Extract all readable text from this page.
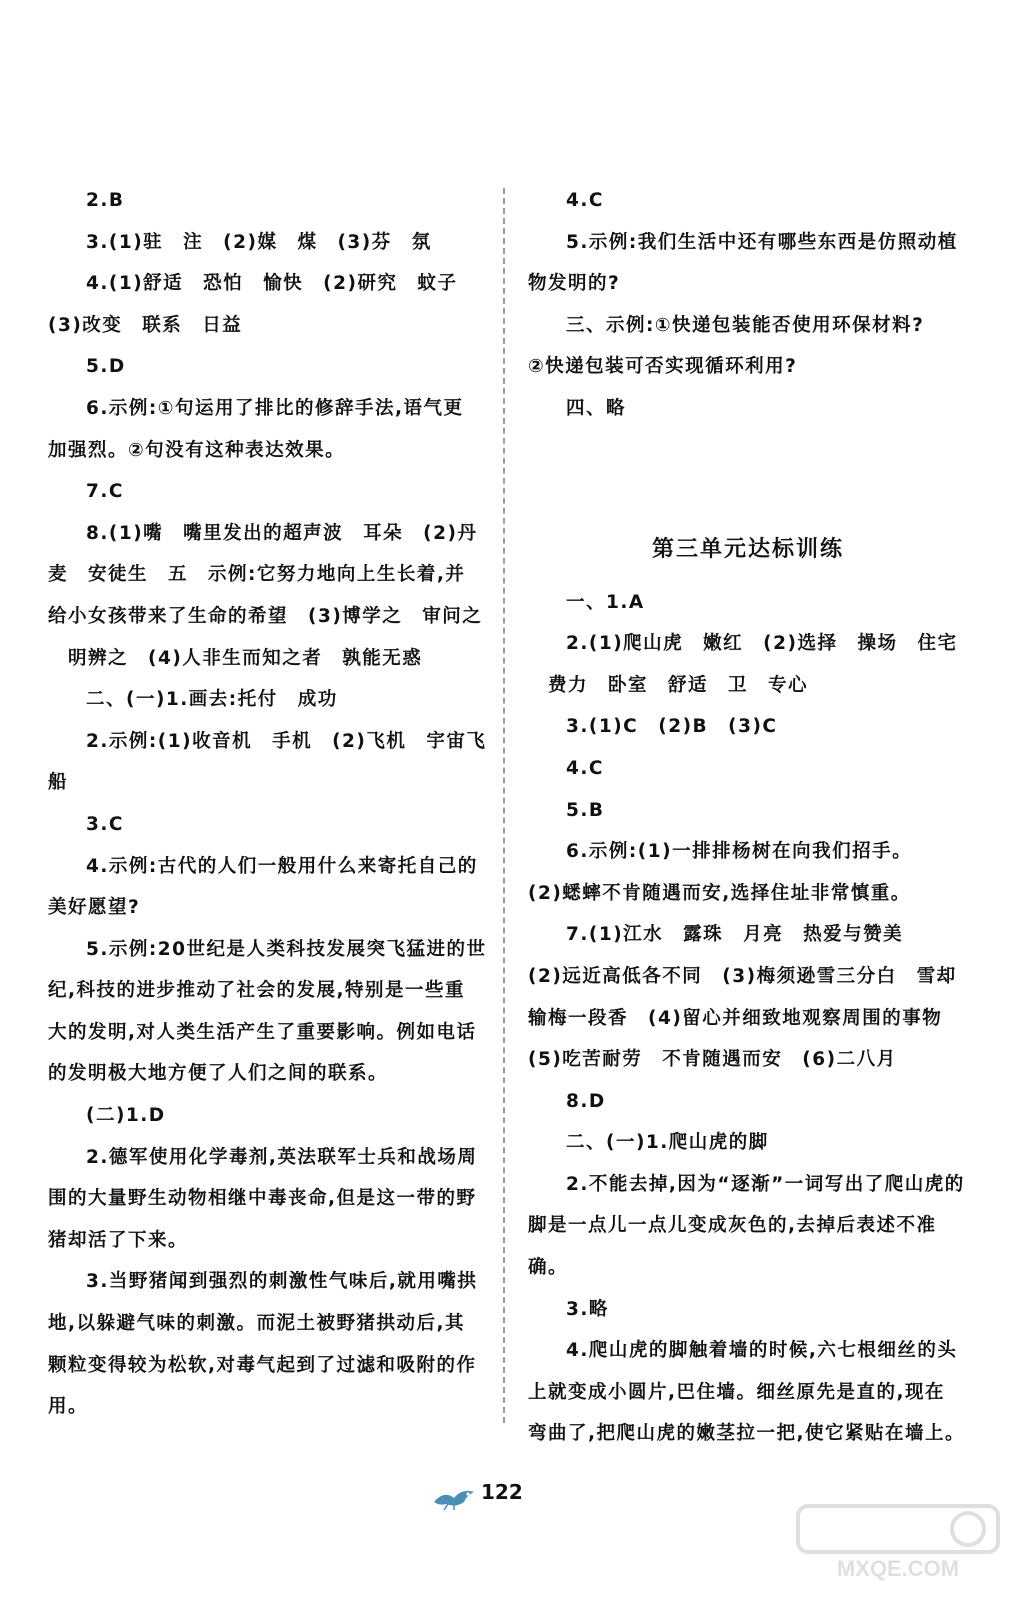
2.B
3.(1)驻　注　(2)媒　煤　(3)芬　氛
4.(1)舒适　恐怕　愉快　(2)研究　蚊子
(3)改变　联系　日益
5.D
6.示例:①句运用了排比的修辞手法,语气更
加强烈。②句没有这种表达效果。
7.C
8.(1)嘴　嘴里发出的超声波　耳朵　(2)丹
麦　安徒生　五　示例:它努力地向上生长着,并
给小女孩带来了生命的希望　(3)博学之　审问之
　明辨之　(4)人非生而知之者　孰能无惑
二、(一)1.画去:托付　成功
2.示例:(1)收音机　手机　(2)飞机　宇宙飞
船
3.C
4.示例:古代的人们一般用什么来寄托自己的
美好愿望?
5.示例:20世纪是人类科技发展突飞猛进的世
纪,科技的进步推动了社会的发展,特别是一些重
大的发明,对人类生活产生了重要影响。例如电话
的发明极大地方便了人们之间的联系。
(二)1.D
2.德军使用化学毒剂,英法联军士兵和战场周
围的大量野生动物相继中毒丧命,但是这一带的野
猪却活了下来。
3.当野猪闻到强烈的刺激性气味后,就用嘴拱
地,以躲避气味的刺激。而泥土被野猪拱动后,其
颗粒变得较为松软,对毒气起到了过滤和吸附的作
用。
4.C
5.示例:我们生活中还有哪些东西是仿照动植
物发明的?
三、示例:①快递包装能否使用环保材料?
②快递包装可否实现循环利用?
四、略
第三单元达标训练
一、1.A
2.(1)爬山虎　嫩红　(2)选择　操场　住宅
　费力　卧室　舒适　卫　专心
3.(1)C　(2)B　(3)C
4.C
5.B
6.示例:(1)一排排杨树在向我们招手。
(2)蟋蟀不肯随遇而安,选择住址非常慎重。
7.(1)江水　露珠　月亮　热爱与赞美
(2)远近高低各不同　(3)梅须逊雪三分白　雪却
输梅一段香　(4)留心并细致地观察周围的事物
(5)吃苦耐劳　不肯随遇而安　(6)二八月
8.D
二、(一)1.爬山虎的脚
2.不能去掉,因为“逐渐”一词写出了爬山虎的
脚是一点儿一点儿变成灰色的,去掉后表述不准
确。
3.略
4.爬山虎的脚触着墙的时候,六七根细丝的头
上就变成小圆片,巴住墙。细丝原先是直的,现在
弯曲了,把爬山虎的嫩茎拉一把,使它紧贴在墙上。
122
MXQE.COM
